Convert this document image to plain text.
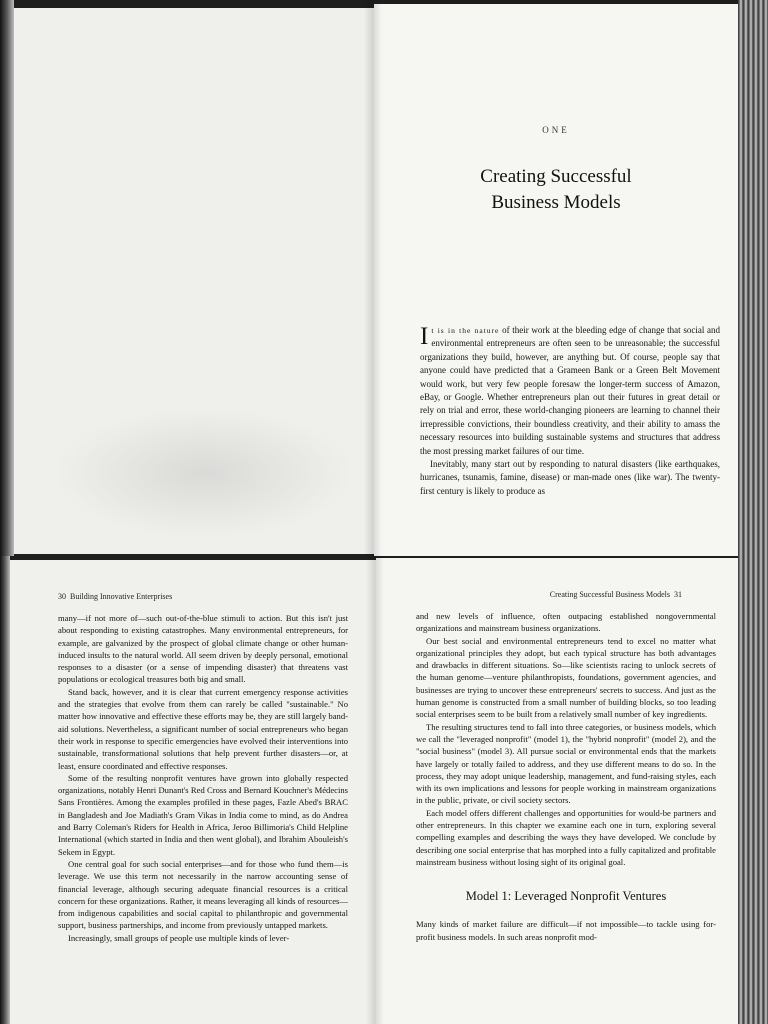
ONE
Creating Successful
Business Models

It is in the nature of their work at the bleeding edge of change that social and environmental entrepreneurs are often seen to be unreasonable; the successful organizations they build, however, are anything but. Of course, people say that anyone could have predicted that a Grameen Bank or a Green Belt Movement would work, but very few people foresaw the longer-term success of Amazon, eBay, or Google. Whether entrepreneurs plan out their futures in great detail or rely on trial and error, these world-changing pioneers are learning to channel their irrepressible convictions, their boundless creativity, and their ability to amass the necessary resources into building sustainable systems and structures that address the most pressing market failures of our time.

Inevitably, many start out by responding to natural disasters (like earthquakes, hurricanes, tsunamis, famine, disease) or man-made ones (like war). The twenty-first century is likely to produce as

30 Building Innovative Enterprises

many—if not more of—such out-of-the-blue stimuli to action. But this isn't just about responding to existing catastrophes. Many environmental entrepreneurs, for example, are galvanized by the prospect of global climate change or other human-induced insults to the natural world. All seem driven by deeply personal, emotional responses to a disaster (or a sense of impending disaster) that threatens vast populations or ecological treasures both big and small.

Stand back, however, and it is clear that current emergency response activities and the strategies that evolve from them can rarely be called "sustainable." No matter how innovative and effective these efforts may be, they are still largely band-aid solutions. Nevertheless, a significant number of social entrepreneurs who began their work in response to specific emergencies have evolved their interventions into sustainable, transformational solutions that help prevent further disasters—or, at least, ensure coordinated and effective responses.

Some of the resulting nonprofit ventures have grown into globally respected organizations, notably Henri Dunant's Red Cross and Bernard Kouchner's Médecins Sans Frontières. Among the examples profiled in these pages, Fazle Abed's BRAC in Bangladesh and Joe Madiath's Gram Vikas in India come to mind, as do Andrea and Barry Coleman's Riders for Health in Africa, Jeroo Billimoria's Child Helpline International (which started in India and then went global), and Ibrahim Abouleish's Sekem in Egypt.

One central goal for such social enterprises—and for those who fund them—is leverage. We use this term not necessarily in the narrow accounting sense of financial leverage, although securing adequate financial resources is a critical concern for these organizations. Rather, it means leveraging all kinds of resources—from indigenous capabilities and social capital to philanthropic and governmental support, business partnerships, and income from previously untapped markets.

Increasingly, small groups of people use multiple kinds of lever-

Creating Successful Business Models 31

and new levels of influence, often outpacing established nongovernmental organizations and mainstream business organizations.

Our best social and environmental entrepreneurs tend to excel no matter what organizational principles they adopt, but each typical structure has both advantages and drawbacks in different situations. So—like scientists racing to unlock secrets of the human genome—venture philanthropists, foundations, government agencies, and businesses are trying to uncover these entrepreneurs' secrets to success. And just as the human genome is constructed from a small number of building blocks, so too leading social enterprises seem to be built from a relatively small number of key ingredients.

The resulting structures tend to fall into three categories, or business models, which we call the "leveraged nonprofit" (model 1), the "hybrid nonprofit" (model 2), and the "social business" (model 3). All pursue social or environmental ends that the markets have largely or totally failed to address, and they use different means to do so. In the process, they may adopt unique leadership, management, and fund-raising styles, each with its own implications and lessons for people working in mainstream organizations in the public, private, or civil society sectors.

Each model offers different challenges and opportunities for would-be partners and other entrepreneurs. In this chapter we examine each one in turn, exploring several compelling examples and describing the ways they have developed. We conclude by describing one social enterprise that has morphed into a fully capitalized and profitable mainstream business without losing sight of its original goal.

Model 1: Leveraged Nonprofit Ventures

Many kinds of market failure are difficult—if not impossible—to tackle using for-profit business models. In such areas nonprofit mod-
